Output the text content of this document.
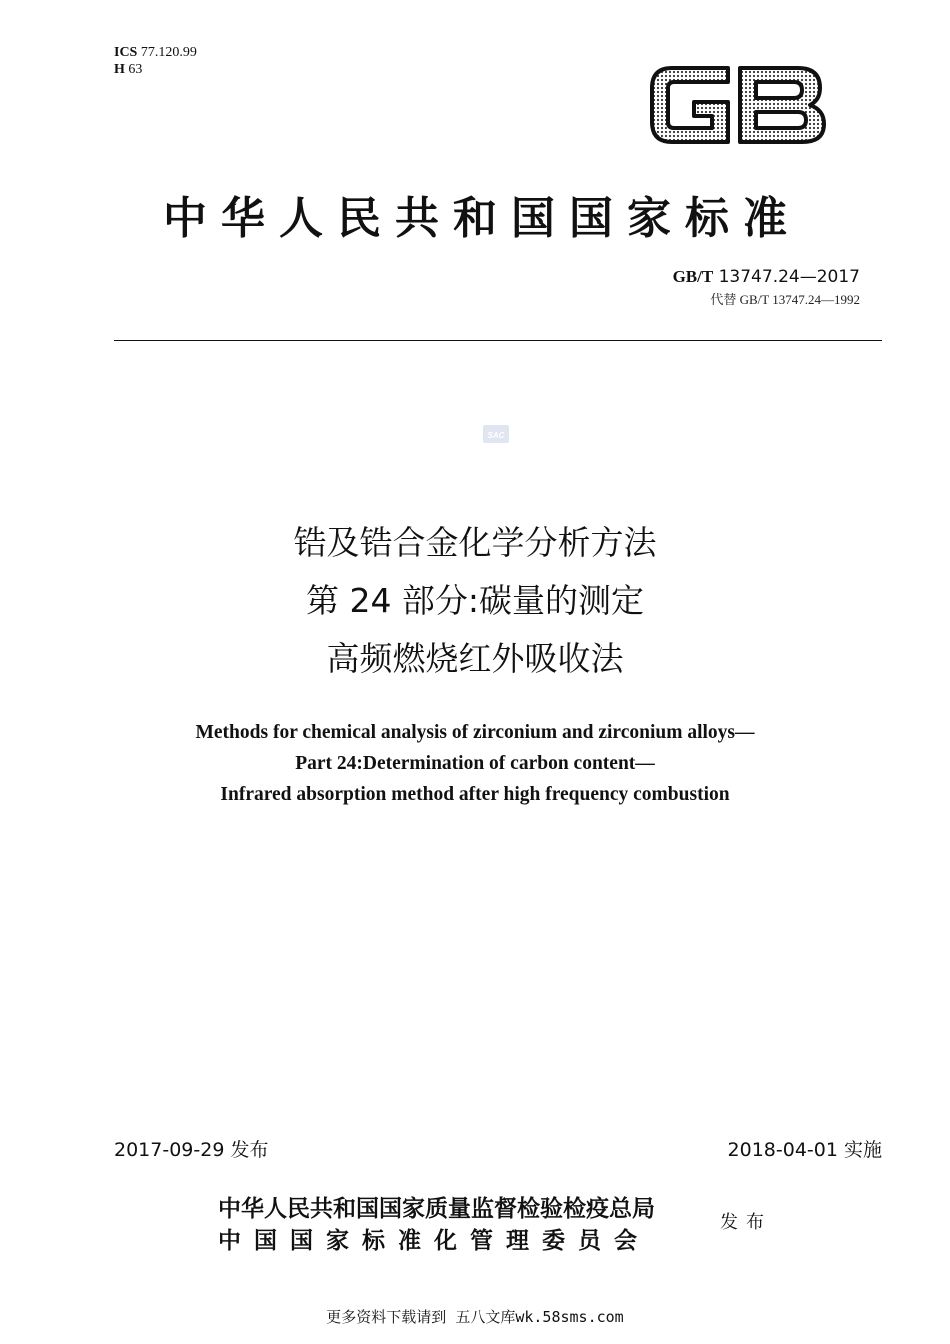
ICS 77.120.99
H 63
中华人民共和国国家标准
GB/T 13747.24—2017
代替 GB/T 13747.24—1992
SAC
锆及锆合金化学分析方法
第 24 部分:碳量的测定
高频燃烧红外吸收法
Methods for chemical analysis of zirconium and zirconium alloys—
Part 24:Determination of carbon content—
Infrared absorption method after high frequency combustion
2017-09-29 发布	2018-04-01 实施
中华人民共和国国家质量监督检验检疫总局
中国国家标准化管理委员会
发布
更多资料下载请到 五八文库wk.58sms.com
